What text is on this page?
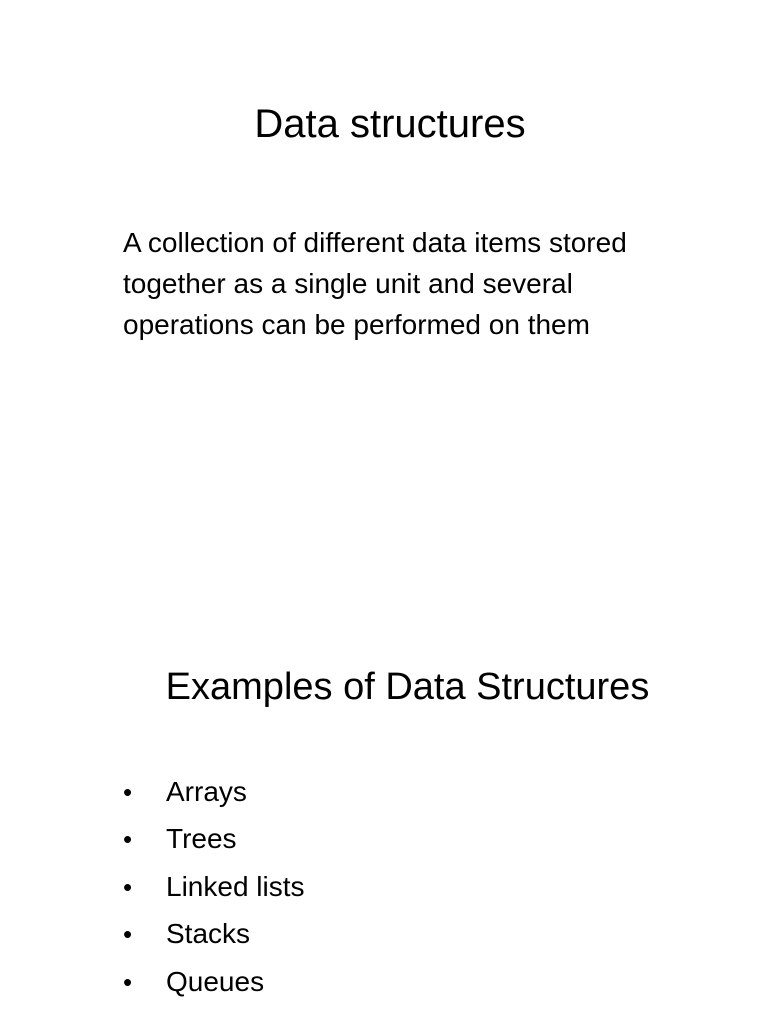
Data structures

A collection of different data items stored together as a single unit and several operations can be performed on them

Examples of Data Structures
•	Arrays
•	Trees
•	Linked lists
•	Stacks
•	Queues
